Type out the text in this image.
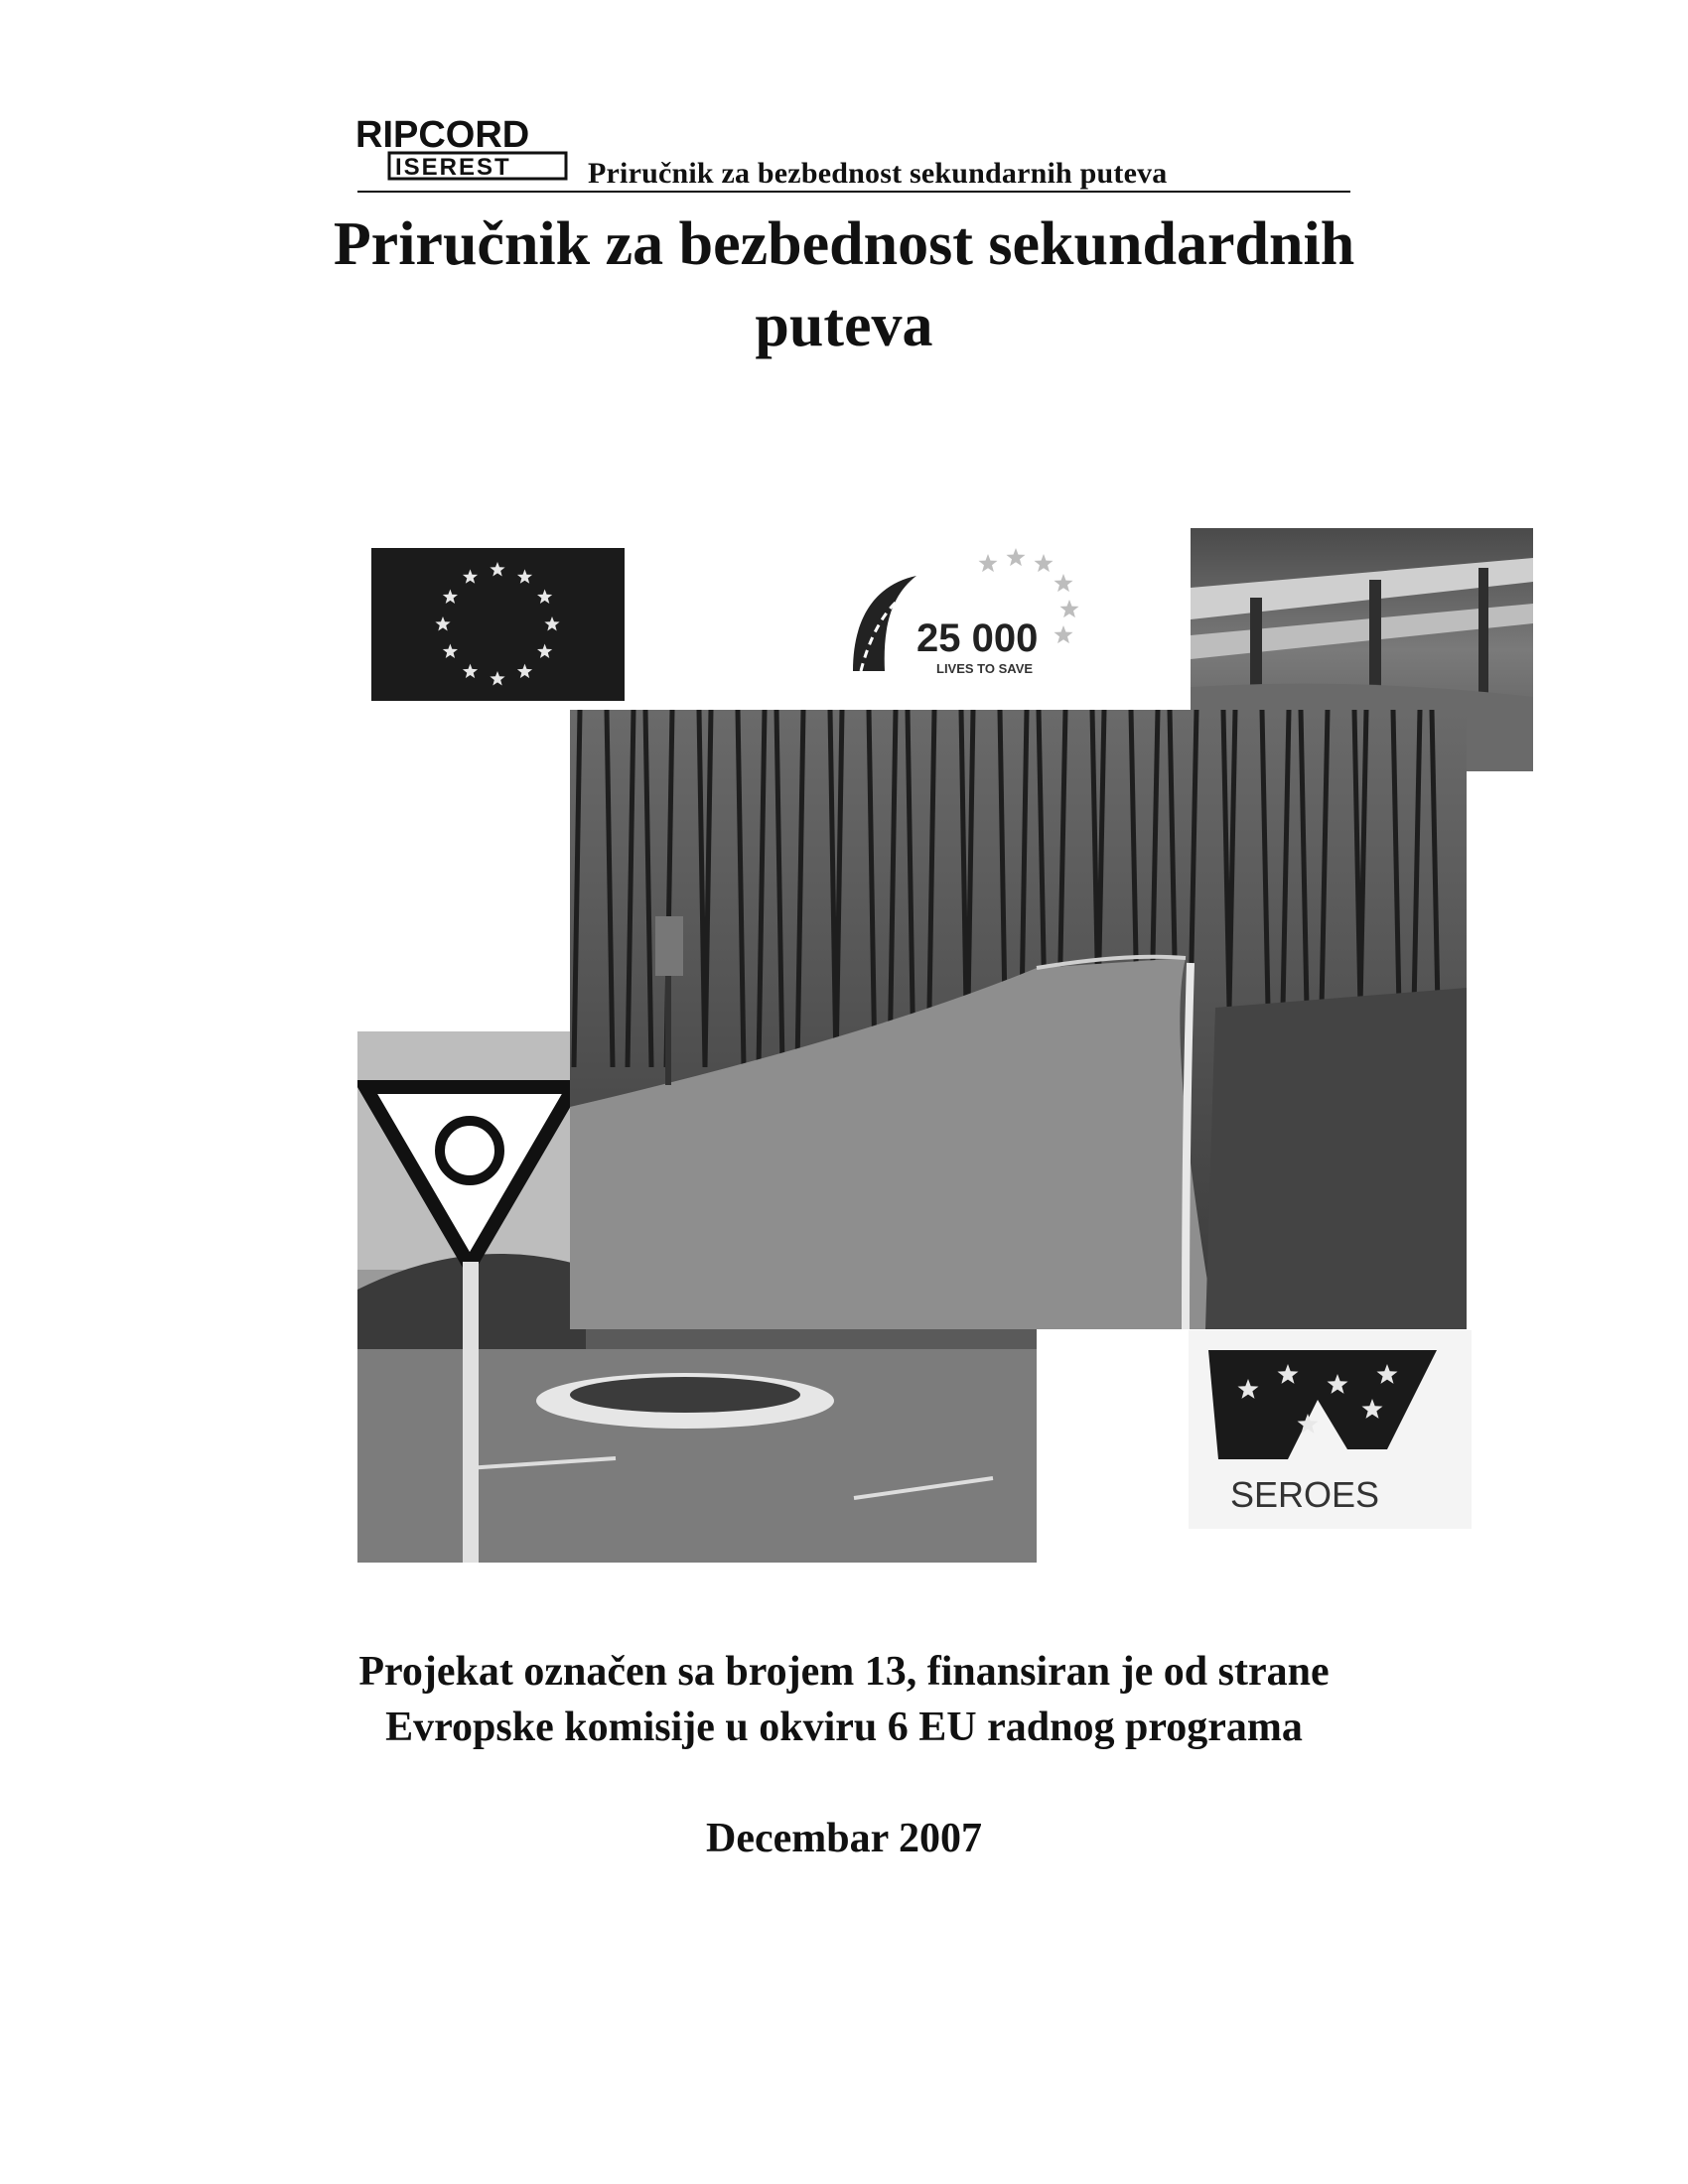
RIPCORD
ISEREST	Priručnik za bezbednost sekundarnih puteva
Priručnik za bezbednost sekundardnih
puteva
25 000
LIVES TO SAVE
SEROES
Projekat označen sa brojem 13, finansiran je od strane
Evropske komisije u okviru 6 EU radnog programa
Decembar 2007
